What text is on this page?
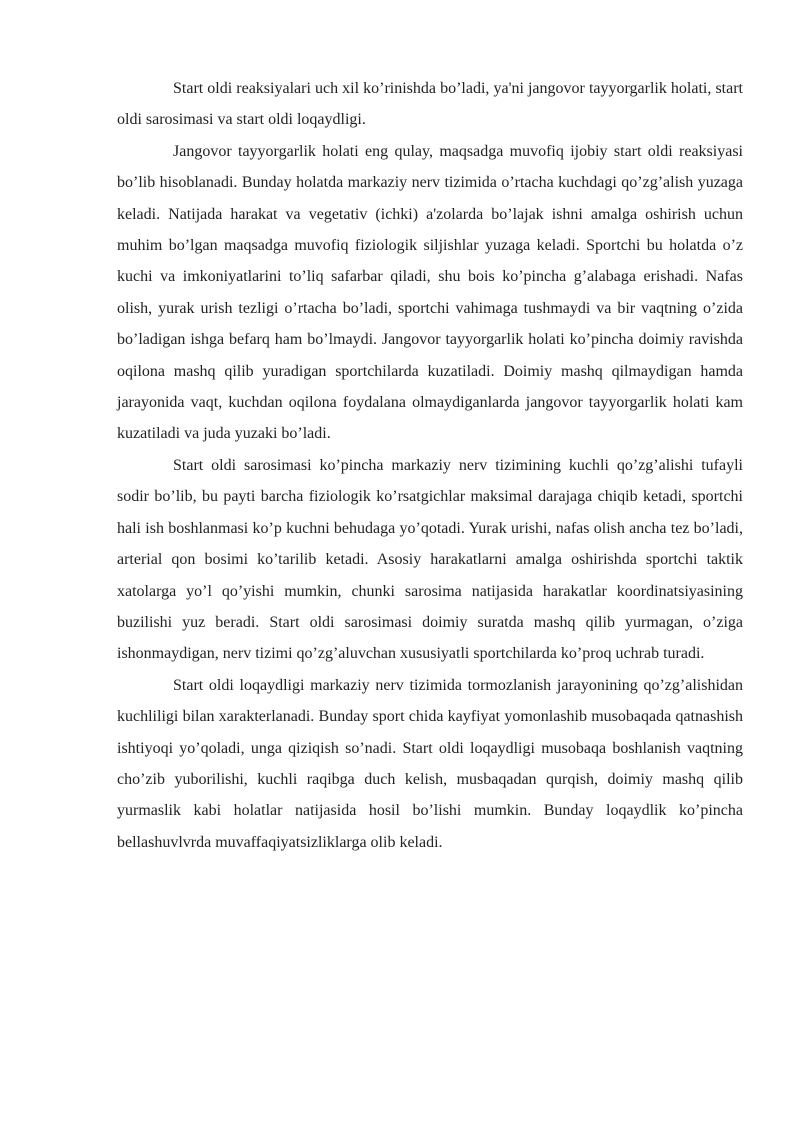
Start oldi reaksiyalari uch xil ko’rinishda bo’ladi, ya'ni jangovor tayyorgarlik holati, start oldi sarosimasi va start oldi loqaydligi.

Jangovor tayyorgarlik holati eng qulay, maqsadga muvofiq ijobiy start oldi reaksiyasi bo’lib hisoblanadi. Bunday holatda markaziy nerv tizimida o’rtacha kuchdagi qo’zg’alish yuzaga keladi. Natijada harakat va vegetativ (ichki) a'zolarda bo’lajak ishni amalga oshirish uchun muhim bo’lgan maqsadga muvofiq fiziologik siljishlar yuzaga keladi. Sportchi bu holatda o’z kuchi va imkoniyatlarini to’liq safarbar qiladi, shu bois ko’pincha g’alabaga erishadi. Nafas olish, yurak urish tezligi o’rtacha bo’ladi, sportchi vahimaga tushmaydi va bir vaqtning o’zida bo’ladigan ishga befarq ham bo’lmaydi. Jangovor tayyorgarlik holati ko’pincha doimiy ravishda oqilona mashq qilib yuradigan sportchilarda kuzatiladi. Doimiy mashq qilmaydigan hamda jarayonida vaqt, kuchdan oqilona foydalana olmaydiganlarda jangovor tayyorgarlik holati kam kuzatiladi va juda yuzaki bo’ladi.

Start oldi sarosimasi ko’pincha markaziy nerv tizimining kuchli qo’zg’alishi tufayli sodir bo’lib, bu payti barcha fiziologik ko’rsatgichlar maksimal darajaga chiqib ketadi, sportchi hali ish boshlanmasi ko’p kuchni behudaga yo’qotadi. Yurak urishi, nafas olish ancha tez bo’ladi, arterial qon bosimi ko’tarilib ketadi. Asosiy harakatlarni amalga oshirishda sportchi taktik xatolarga yo’l qo’yishi mumkin, chunki sarosima natijasida harakatlar koordinatsiyasining buzilishi yuz beradi. Start oldi sarosimasi doimiy suratda mashq qilib yurmagan, o’ziga ishonmaydigan, nerv tizimi qo’zg’aluvchan xususiyatli sportchilarda ko’proq uchrab turadi.

Start oldi loqaydligi markaziy nerv tizimida tormozlanish jarayonining qo’zg’alishidan kuchliligi bilan xarakterlanadi. Bunday sport chida kayfiyat yomonlashib musobaqada qatnashish ishtiyoqi yo’qoladi, unga qiziqish so’nadi. Start oldi loqaydligi musobaqa boshlanish vaqtning cho’zib yuborilishi, kuchli raqibga duch kelish, musbaqadan qurqish, doimiy mashq qilib yurmaslik kabi holatlar natijasida hosil bo’lishi mumkin. Bunday loqaydlik ko’pincha bellashuvlvrda muvaffaqiyatsizliklarga olib keladi.
